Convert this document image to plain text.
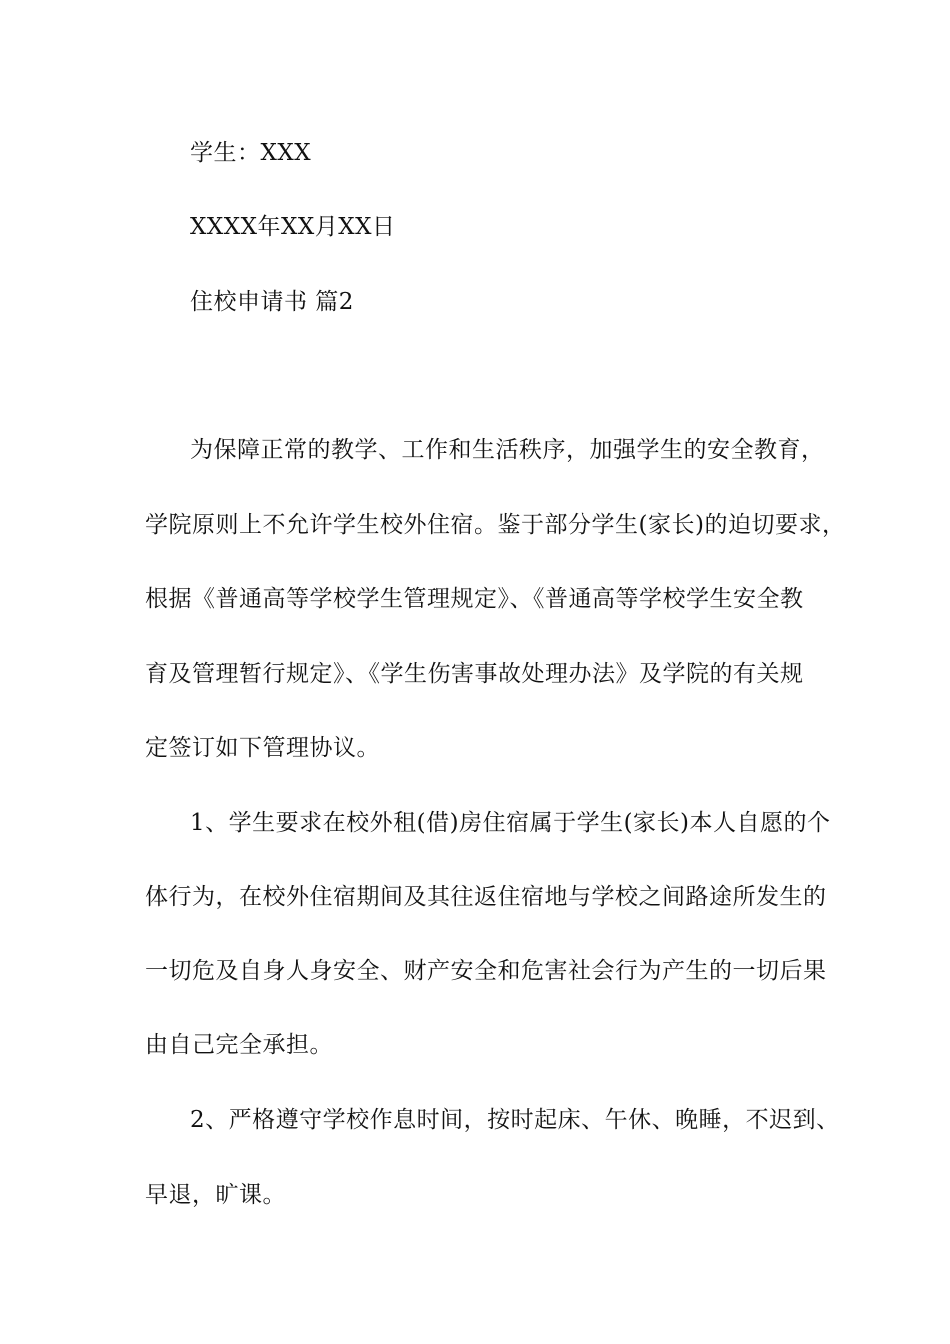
学生：XXX
XXXX年XX月XX日
住校申请书 篇2
为保障正常的教学、工作和生活秩序，加强学生的安全教育，
学院原则上不允许学生校外住宿。鉴于部分学生(家长)的迫切要求，
根据《普通高等学校学生管理规定》、《普通高等学校学生安全教
育及管理暂行规定》、《学生伤害事故处理办法》及学院的有关规
定签订如下管理协议。
1、学生要求在校外租(借)房住宿属于学生(家长)本人自愿的个
体行为，在校外住宿期间及其往返住宿地与学校之间路途所发生的
一切危及自身人身安全、财产安全和危害社会行为产生的一切后果
由自己完全承担。
2、严格遵守学校作息时间，按时起床、午休、晚睡，不迟到、
早退，旷课。
